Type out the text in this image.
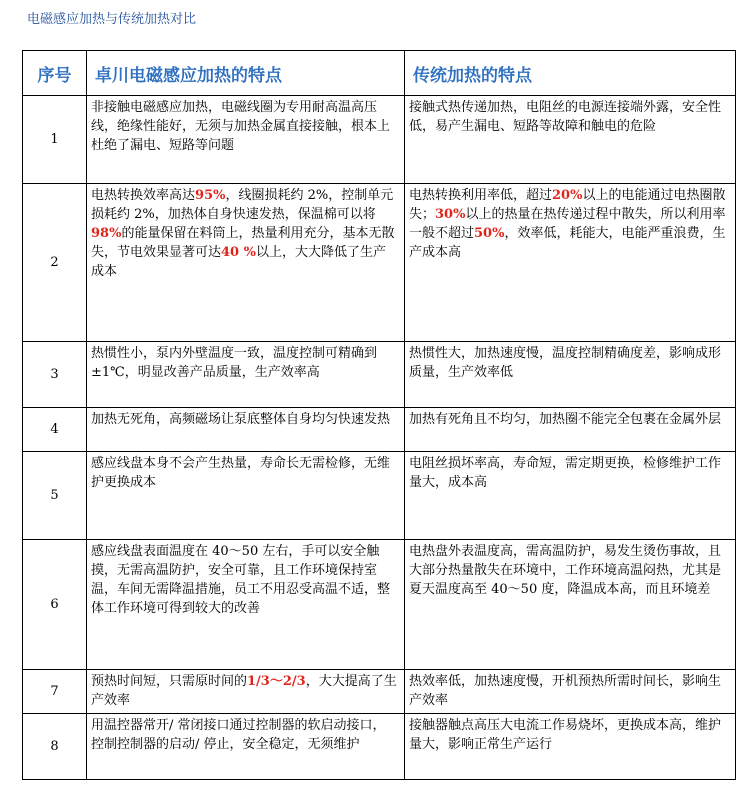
电磁感应加热与传统加热对比
序号	卓川电磁感应加热的特点	传统加热的特点
1	非接触电磁感应加热，电磁线圈为专用耐高温高压线，绝缘性能好，无须与加热金属直接接触，根本上杜绝了漏电、短路等问题	接触式热传递加热，电阻丝的电源连接端外露，安全性低，易产生漏电、短路等故障和触电的危险
2	电热转换效率高达95%，线圈损耗约 2%，控制单元损耗约 2%，加热体自身快速发热，保温棉可以将98%的能量保留在料筒上，热量利用充分，基本无散失，节电效果显著可达40 %以上，大大降低了生产成本	电热转换利用率低，超过20%以上的电能通过电热圈散失；30%以上的热量在热传递过程中散失，所以利用率一般不超过50%，效率低，耗能大，电能严重浪费，生产成本高
3	热惯性小，泵内外壁温度一致，温度控制可精确到±1℃，明显改善产品质量，生产效率高	热惯性大，加热速度慢，温度控制精确度差，影响成形质量，生产效率低
4	加热无死角，高频磁场让泵底整体自身均匀快速发热	加热有死角且不均匀，加热圈不能完全包裹在金属外层
5	感应线盘本身不会产生热量，寿命长无需检修，无维护更换成本	电阻丝损坏率高，寿命短，需定期更换，检修维护工作量大，成本高
6	感应线盘表面温度在 40～50 左右，手可以安全触摸，无需高温防护，安全可靠，且工作环境保持室温，车间无需降温措施，员工不用忍受高温不适，整体工作环境可得到较大的改善	电热盘外表温度高，需高温防护，易发生烫伤事故，且大部分热量散失在环境中，工作环境高温闷热，尤其是夏天温度高至 40～50 度，降温成本高，而且环境差
7	预热时间短，只需原时间的1/3～2/3，大大提高了生产效率	热效率低，加热速度慢，开机预热所需时间长，影响生产效率
8	用温控器常开/ 常闭接口通过控制器的软启动接口，控制控制器的启动/ 停止，安全稳定，无须维护	接触器触点高压大电流工作易烧坏，更换成本高，维护量大，影响正常生产运行
